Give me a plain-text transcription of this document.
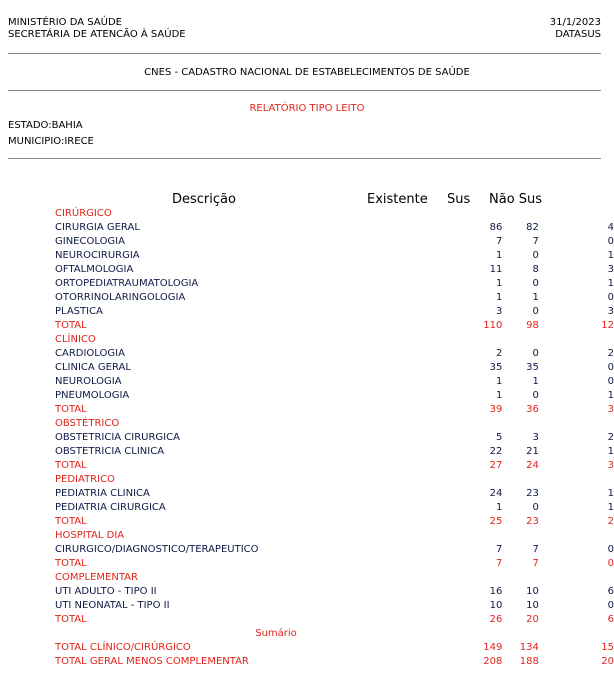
MINISTÉRIO DA SAÚDE
SECRETÁRIA DE ATENCÃO À SAÚDE
31/1/2023
DATASUS
CNES - CADASTRO NACIONAL DE ESTABELECIMENTOS DE SAÚDE
RELATÓRIO TIPO LEITO
ESTADO:BAHIA
MUNICIPIO:IRECE
Descrição	Existente Sus Não Sus
CIRÚRGICO			
CIRURGIA GERAL	86	82	4
GINECOLOGIA	7	7	0
NEUROCIRURGIA	1	0	1
OFTALMOLOGIA	11	8	3
ORTOPEDIATRAUMATOLOGIA	1	0	1
OTORRINOLARINGOLOGIA	1	1	0
PLASTICA	3	0	3
TOTAL	110	98	12
CLÍNICO			
CARDIOLOGIA	2	0	2
CLINICA GERAL	35	35	0
NEUROLOGIA	1	1	0
PNEUMOLOGIA	1	0	1
TOTAL	39	36	3
OBSTÉTRICO			
OBSTETRICIA CIRURGICA	5	3	2
OBSTETRICIA CLINICA	22	21	1
TOTAL	27	24	3
PEDIATRICO			
PEDIATRIA CLINICA	24	23	1
PEDIATRIA CIRURGICA	1	0	1
TOTAL	25	23	2
HOSPITAL DIA			
CIRURGICO/DIAGNOSTICO/TERAPEUTICO	7	7	0
TOTAL	7	7	0
COMPLEMENTAR			
UTI ADULTO - TIPO II	16	10	6
UTI NEONATAL - TIPO II	10	10	0
TOTAL	26	20	6
Sumário			
TOTAL CLÍNICO/CIRÚRGICO	149	134	15
TOTAL GERAL MENOS COMPLEMENTAR	208	188	20
